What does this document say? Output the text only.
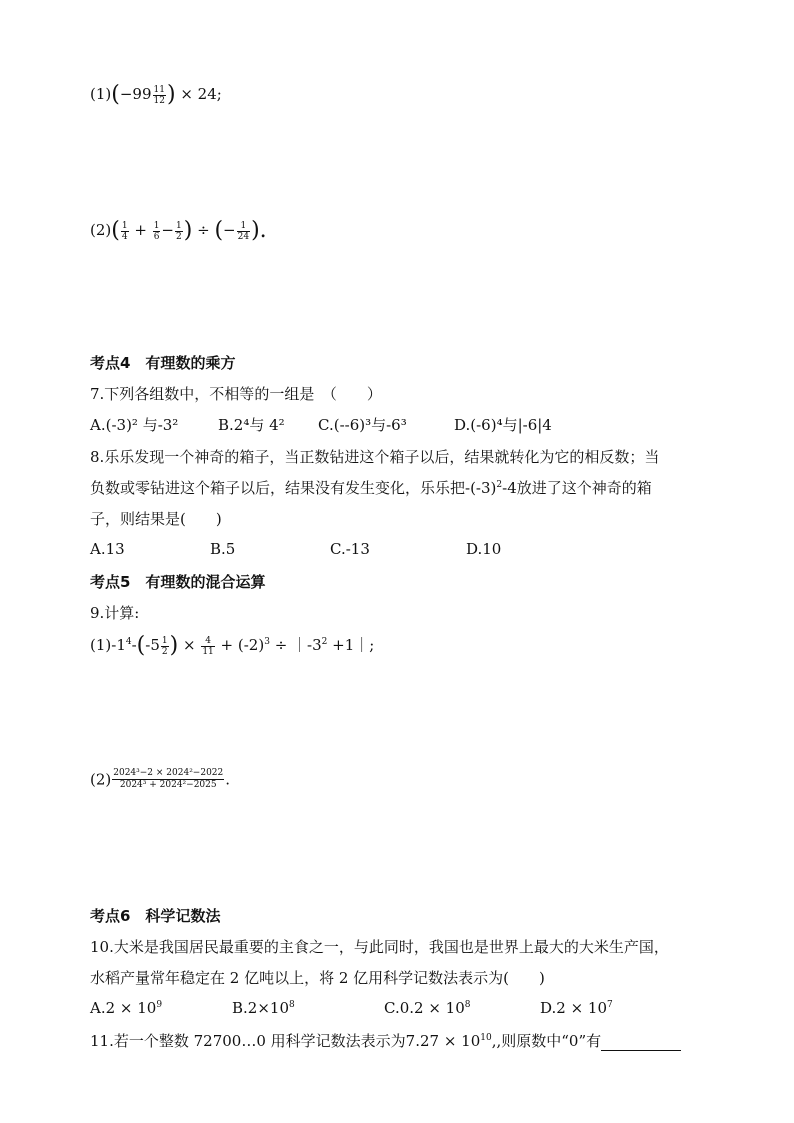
$(1)(-99 \frac{11}{12}$ ) × 24;
$(2)( \frac{1}{4} + \frac{1}{6} - \frac{1}{2}$ ) ÷ (− $\frac{1}{24}$ ).
考点4　有理数的乘方
7.下列各组数中，不相等的一组是　（　　）
A.(-3)² 与-3²	B.2⁴与 4² C.(--6)³与-6³	D.(-6)⁴与|-6|4
8.乐乐发现一个神奇的箱子，当正数钻进这个箱子以后，结果就转化为它的相反数；当
负数或零钻进这个箱子以后，结果没有发生变化，乐乐把$-(-3)^2-4$放进了这个神奇的箱
子，则结果是(　　)
A.13	B.5	C.-13	D.10
考点5　有理数的混合运算
9.计算:
$(1)-1^4-(-5 \frac{1}{2}$ ) × $\frac{4}{11} + (-2)^3$ ÷ $|-3^2$ +1｜;
$(2) \frac{\text{2024³−2 × 2024²−2022}}{\text{2024³ + 2024²−2025}}$ .
考点6　科学记数法
10.大米是我国居民最重要的主食之一，与此同时，我国也是世界上最大的大米生产国，
水稻产量常年稳定在 2 亿吨以上，将 2 亿用科学记数法表示为(　　)
$A.2 \times 10^9$	$B.2\times 10^8$	$C.0.2 \times 10^8$	$D.2 \times 10^7$
11.若一个整数 72700…0 用科学记数法表示为$7.27 \times 10^{10}$,,则原数中“0”有
